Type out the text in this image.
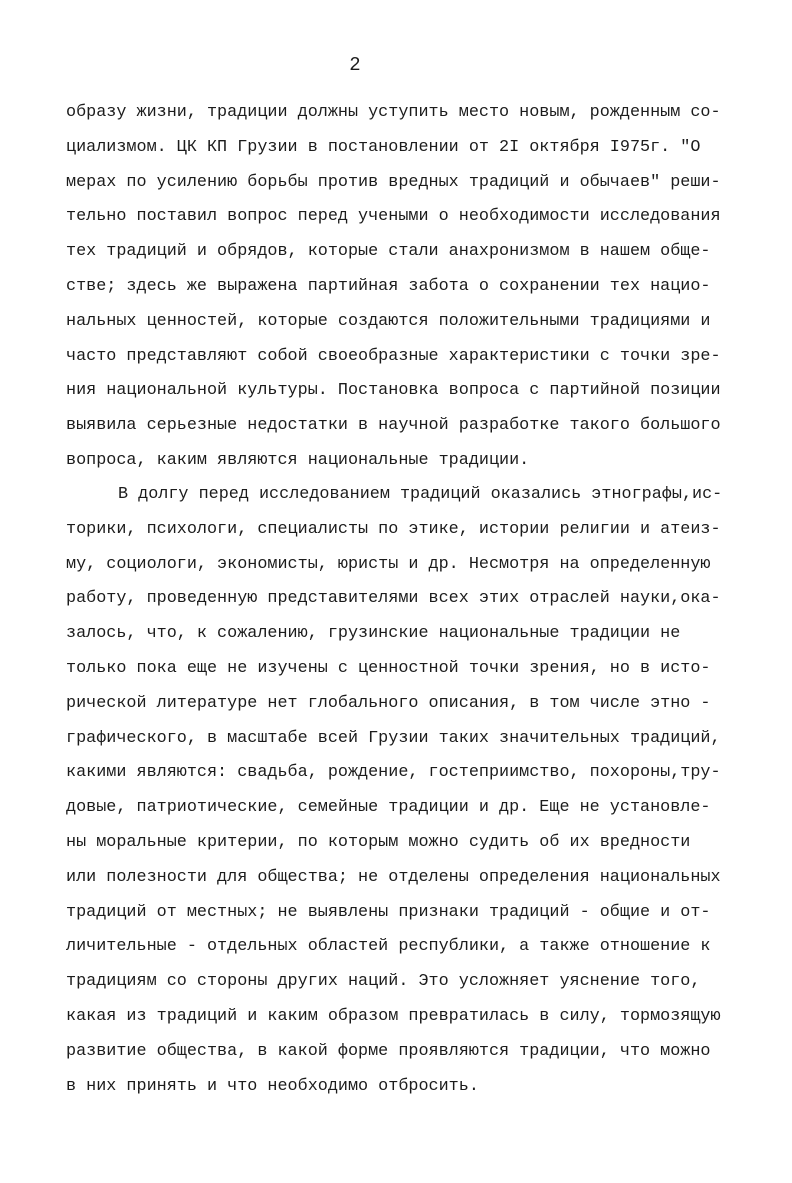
2
образу жизни, традиции должны уступить место новым, рожденным со-
циализмом. ЦК КП Грузии в постановлении от 2I октября I975г. "О
мерах по усилению борьбы против вредных традиций и обычаев" реши-
тельно поставил вопрос перед учеными о необходимости исследования
тех традиций и обрядов, которые стали анахронизмом в нашем обще-
стве; здесь же выражена партийная забота о сохранении тех нацио-
нальных ценностей, которые создаются положительными традициями и
часто представляют собой своеобразные характеристики с точки зре-
ния национальной культуры. Постановка вопроса с партийной позиции
выявила серьезные недостатки в научной разработке такого большого
вопроса, каким являются национальные традиции.
В долгу перед исследованием традиций оказались этнографы,ис-
торики, психологи, специалисты по этике, истории религии и атеиз-
му, социологи, экономисты, юристы и др. Несмотря на определенную
работу, проведенную представителями всех этих отраслей науки,ока-
залось, что, к сожалению, грузинские национальные традиции не
только пока еще не изучены с ценностной точки зрения, но в исто-
рической литературе нет глобального описания, в том числе этно -
графического, в масштабе всей Грузии таких значительных традиций,
какими являются: свадьба, рождение, гостеприимство, похороны,тру-
довые, патриотические, семейные традиции и др. Еще не установле-
ны моральные критерии, по которым можно судить об их вредности
или полезности для общества; не отделены определения национальных
традиций от местных; не выявлены признаки традиций - общие и от-
личительные - отдельных областей республики, а также отношение к
традициям со стороны других наций. Это усложняет уяснение того,
какая из традиций и каким образом превратилась в силу, тормозящую
развитие общества, в какой форме проявляются традиции, что можно
в них принять и что необходимо отбросить.
